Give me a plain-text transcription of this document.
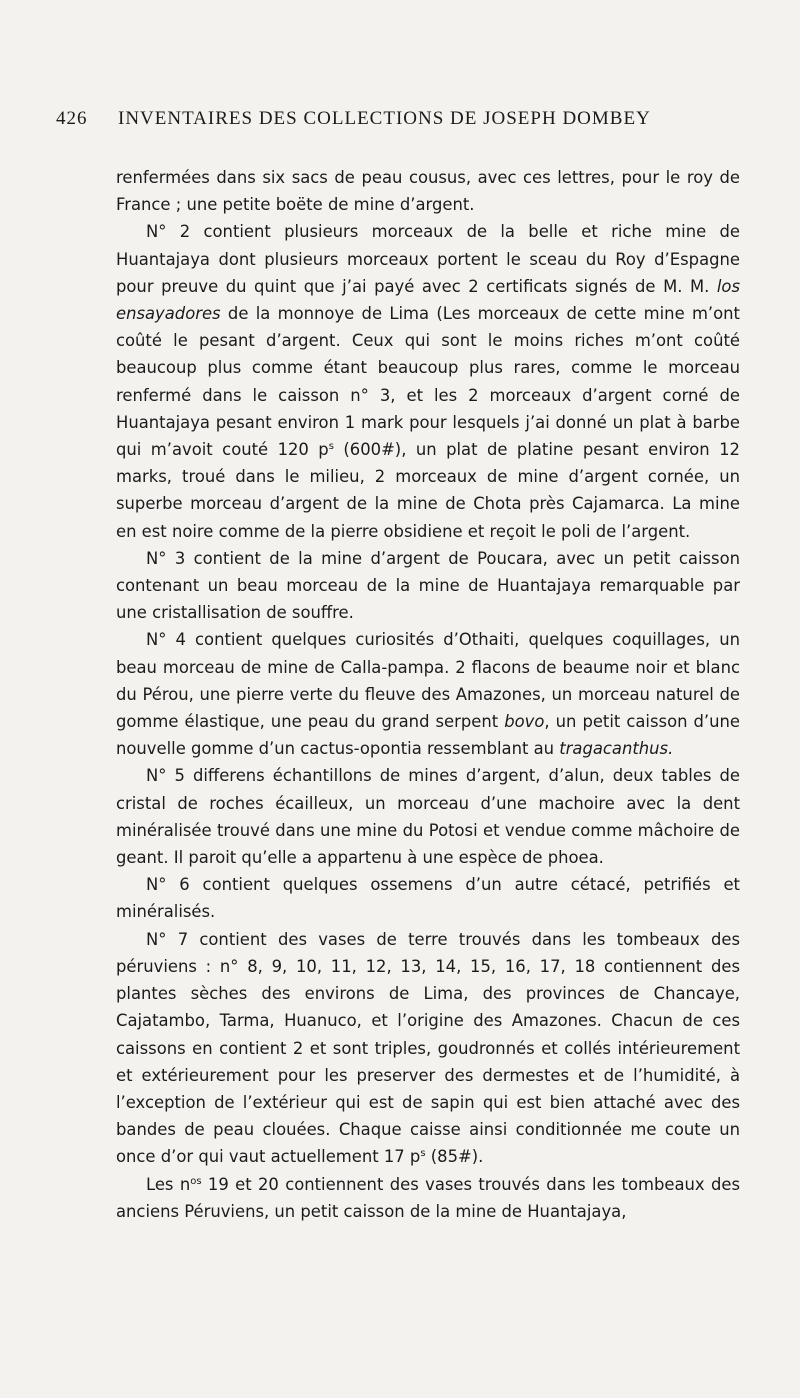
426 INVENTAIRES DES COLLECTIONS DE JOSEPH DOMBEY

renfermées dans six sacs de peau cousus, avec ces lettres, pour le roy de France ; une petite boëte de mine d’argent.

N° 2 contient plusieurs morceaux de la belle et riche mine de Huantajaya dont plusieurs morceaux portent le sceau du Roy d’Espagne pour preuve du quint que j’ai payé avec 2 certificats signés de M. M. los ensayadores de la monnoye de Lima (Les morceaux de cette mine m’ont coûté le pesant d’argent. Ceux qui sont le moins riches m’ont coûté beaucoup plus comme étant beaucoup plus rares, comme le morceau renfermé dans le caisson n° 3, et les 2 morceaux d’argent corné de Huantajaya pesant environ 1 mark pour lesquels j’ai donné un plat à barbe qui m’avoit couté 120 $p^s$ (600#), un plat de platine pesant environ 12 marks, troué dans le milieu, 2 morceaux de mine d’argent cornée, un superbe morceau d’argent de la mine de Chota près Cajamarca. La mine en est noire comme de la pierre obsidiene et reçoit le poli de l’argent.

N° 3 contient de la mine d’argent de Poucara, avec un petit caisson contenant un beau morceau de la mine de Huantajaya remarquable par une cristallisation de souffre.

N° 4 contient quelques curiosités d’Othaiti, quelques coquillages, un beau morceau de mine de Calla-pampa. 2 flacons de beaume noir et blanc du Pérou, une pierre verte du fleuve des Amazones, un morceau naturel de gomme élastique, une peau du grand serpent bovo, un petit caisson d’une nouvelle gomme d’un cactus-opontia ressemblant au tragacanthus.

N° 5 differens échantillons de mines d’argent, d’alun, deux tables de cristal de roches écailleux, un morceau d’une machoire avec la dent minéralisée trouvé dans une mine du Potosi et vendue comme mâchoire de geant. Il paroit qu’elle a appartenu à une espèce de phoea.

N° 6 contient quelques ossemens d’un autre cétacé, petrifiés et minéralisés.

N° 7 contient des vases de terre trouvés dans les tombeaux des péruviens : n° 8, 9, 10, 11, 12, 13, 14, 15, 16, 17, 18 contiennent des plantes sèches des environs de Lima, des provinces de Chancaye, Cajatambo, Tarma, Huanuco, et l’origine des Amazones. Chacun de ces caissons en contient 2 et sont triples, goudronnés et collés intérieurement et extérieurement pour les preserver des dermestes et de l’humidité, à l’exception de l’extérieur qui est de sapin qui est bien attaché avec des bandes de peau clouées. Chaque caisse ainsi conditionnée me coute un once d’or qui vaut actuellement 17 $p^s$ (85#).

Les $n^{os}$ 19 et 20 contiennent des vases trouvés dans les tombeaux des anciens Péruviens, un petit caisson de la mine de Huantajaya,
